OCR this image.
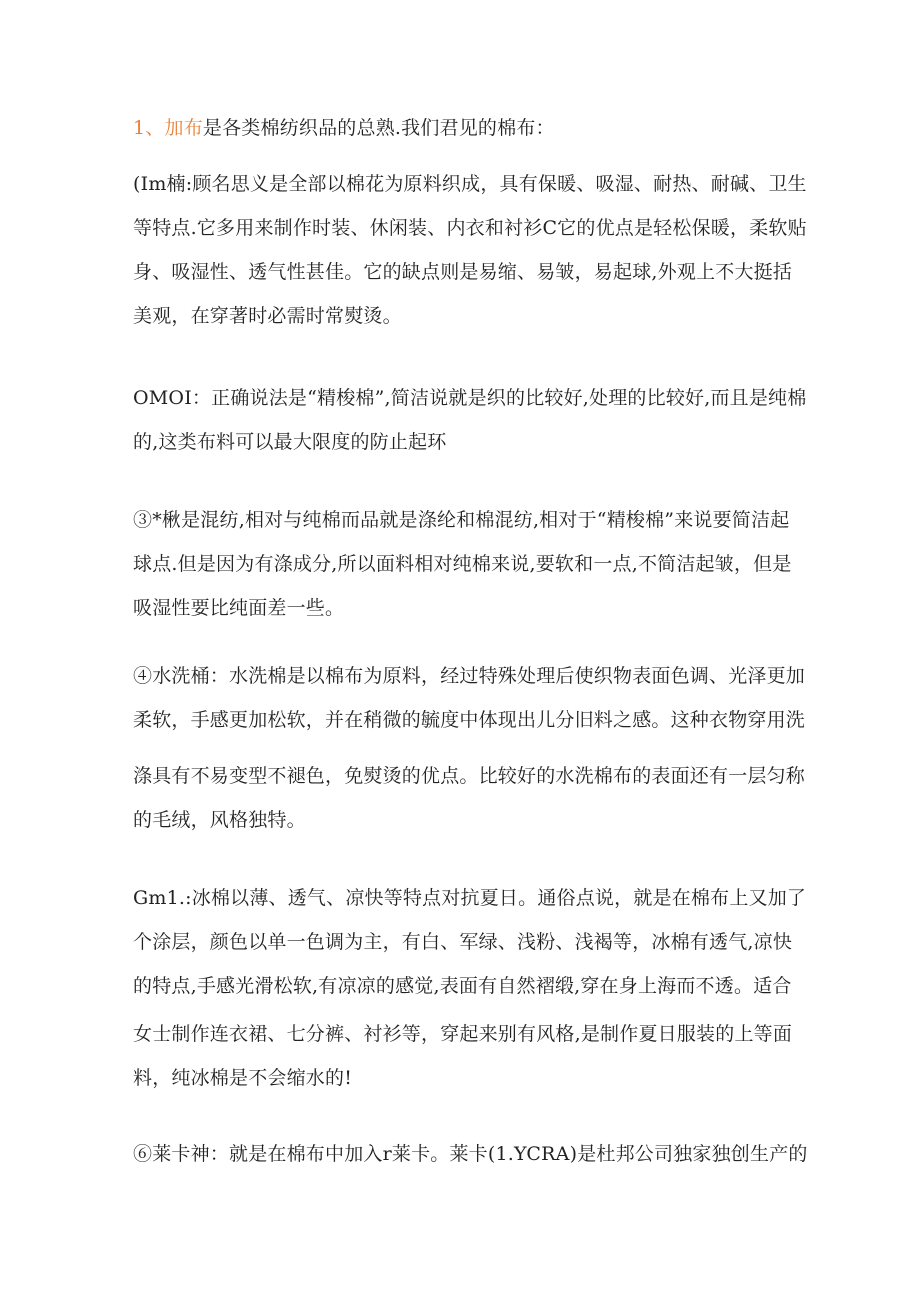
1、加布是各类棉纺织品的总熟.我们君见的棉布：
(Im楠:顾名思义是全部以棉花为原料织成，具有保暖、吸湿、耐热、耐碱、卫生
等特点.它多用来制作时装、休闲装、内衣和衬衫C它的优点是轻松保暖，柔软贴
身、吸湿性、透气性甚佳。它的缺点则是易缩、易皱，易起球,外观上不大挺括
美观，在穿著时必需时常熨烫。
OMOI：正确说法是“精梭棉”,简洁说就是织的比较好,处理的比较好,而且是纯棉
的,这类布料可以最大限度的防止起环
③*楸是混纺,相对与纯棉而品就是涤纶和棉混纺,相对于“精梭棉”来说要简洁起
球点.但是因为有涤成分,所以面料相对纯棉来说,要软和一点,不简洁起皱，但是
吸湿性要比纯面差一些。
④水洗桶：水洗棉是以棉布为原料，经过特殊处理后使织物表面色调、光泽更加
柔软，手感更加松软，并在稍微的毓度中体现出儿分旧料之感。这种衣物穿用洗
涤具有不易变型不褪色，免熨烫的优点。比较好的水洗棉布的表面还有一层匀称
的毛绒，风格独特。
Gm1.:冰棉以薄、透气、凉快等特点对抗夏日。通俗点说，就是在棉布上又加了
个涂层，颜色以单一色调为主，有白、军绿、浅粉、浅褐等，冰棉有透气,凉快
的特点,手感光滑松软,有凉凉的感觉,表面有自然褶缎,穿在身上海而不透。适合
女士制作连衣裙、七分裤、衬衫等，穿起来别有风格,是制作夏日服装的上等面
料，纯冰棉是不会缩水的!
⑥莱卡神：就是在棉布中加入r莱卡。莱卡(1.YCRA)是杜邦公司独家独创生产的
